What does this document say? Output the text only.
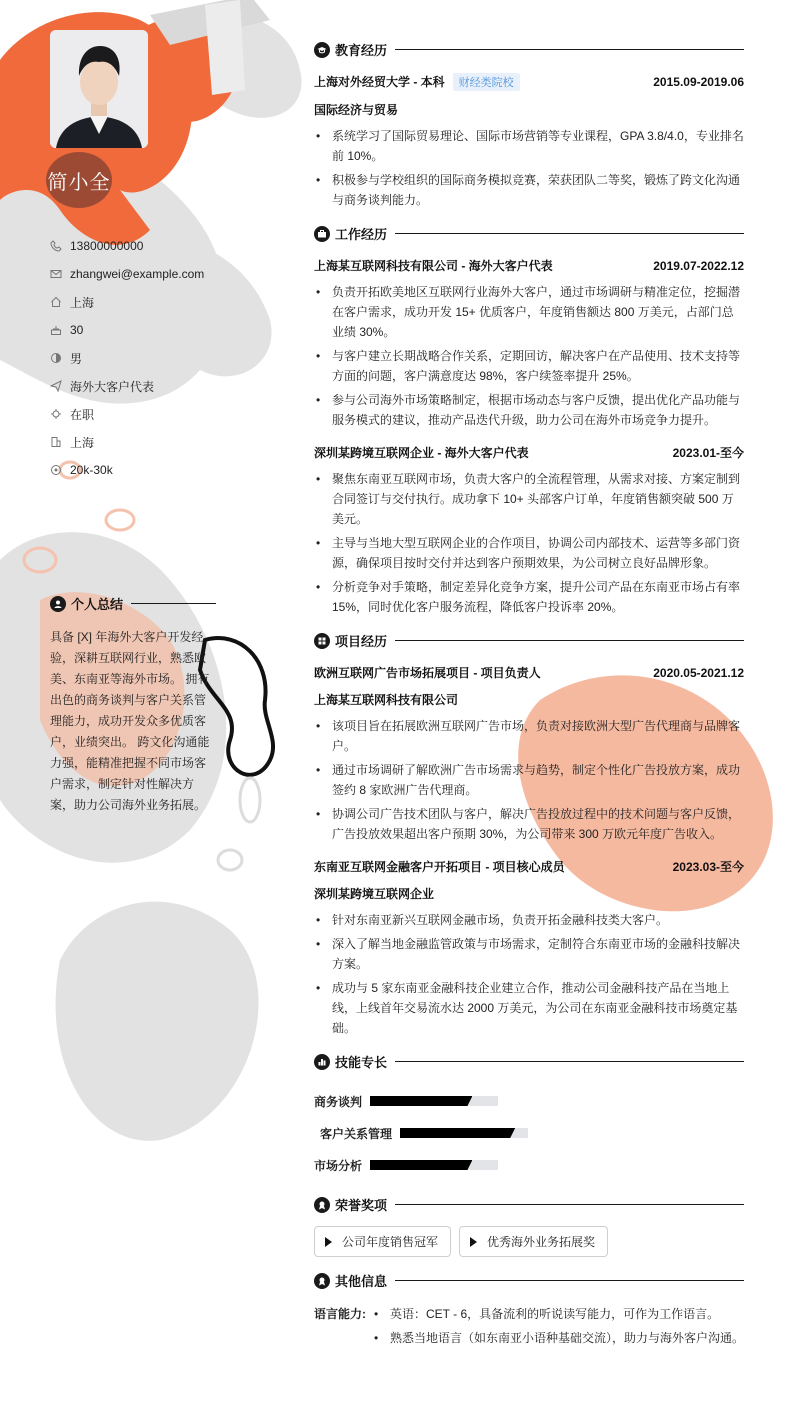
简小全
13800000000
zhangwei@example.com
上海
30
男
海外大客户代表
在职
上海
20k-30k
个人总结
具备 [X] 年海外大客户开发经验，深耕互联网行业，熟悉欧美、东南亚等海外市场。 拥有出色的商务谈判与客户关系管理能力，成功开发众多优质客户，业绩突出。 跨文化沟通能力强，能精准把握不同市场客户需求，制定针对性解决方案，助力公司海外业务拓展。
教育经历
上海对外经贸大学 - 本科 财经类院校	2015.09-2019.06
国际经济与贸易
• 系统学习了国际贸易理论、国际市场营销等专业课程，GPA 3.8/4.0，专业排名前 10%。
• 积极参与学校组织的国际商务模拟竞赛，荣获团队二等奖，锻炼了跨文化沟通与商务谈判能力。
工作经历
上海某互联网科技有限公司 - 海外大客户代表	2019.07-2022.12
• 负责开拓欧美地区互联网行业海外大客户，通过市场调研与精准定位，挖掘潜在客户需求，成功开发 15+ 优质客户，年度销售额达 800 万美元，占部门总业绩 30%。
• 与客户建立长期战略合作关系，定期回访，解决客户在产品使用、技术支持等方面的问题，客户满意度达 98%，客户续签率提升 25%。
• 参与公司海外市场策略制定，根据市场动态与客户反馈，提出优化产品功能与服务模式的建议，推动产品迭代升级，助力公司在海外市场竞争力提升。
深圳某跨境互联网企业 - 海外大客户代表	2023.01-至今
• 聚焦东南亚互联网市场，负责大客户的全流程管理，从需求对接、方案定制到合同签订与交付执行。成功拿下 10+ 头部客户订单，年度销售额突破 500 万美元。
• 主导与当地大型互联网企业的合作项目，协调公司内部技术、运营等多部门资源，确保项目按时交付并达到客户预期效果，为公司树立良好品牌形象。
• 分析竞争对手策略，制定差异化竞争方案，提升公司产品在东南亚市场占有率 15%，同时优化客户服务流程，降低客户投诉率 20%。
项目经历
欧洲互联网广告市场拓展项目 - 项目负责人	2020.05-2021.12
上海某互联网科技有限公司
• 该项目旨在拓展欧洲互联网广告市场，负责对接欧洲大型广告代理商与品牌客户。
• 通过市场调研了解欧洲广告市场需求与趋势，制定个性化广告投放方案，成功签约 8 家欧洲广告代理商。
• 协调公司广告技术团队与客户，解决广告投放过程中的技术问题与客户反馈，广告投放效果超出客户预期 30%，为公司带来 300 万欧元年度广告收入。
东南亚互联网金融客户开拓项目 - 项目核心成员	2023.03-至今
深圳某跨境互联网企业
• 针对东南亚新兴互联网金融市场，负责开拓金融科技类大客户。
• 深入了解当地金融监管政策与市场需求，定制符合东南亚市场的金融科技解决方案。
• 成功与 5 家东南亚金融科技企业建立合作，推动公司金融科技产品在当地上线，上线首年交易流水达 2000 万美元，为公司在东南亚金融科技市场奠定基础。
技能专长
商务谈判
客户关系管理
市场分析
荣誉奖项
公司年度销售冠军	优秀海外业务拓展奖
其他信息
语言能力:
•	英语：CET - 6，具备流利的听说读写能力，可作为工作语言。
• 熟悉当地语言（如东南亚小语种基础交流），助力与海外客户沟通。
